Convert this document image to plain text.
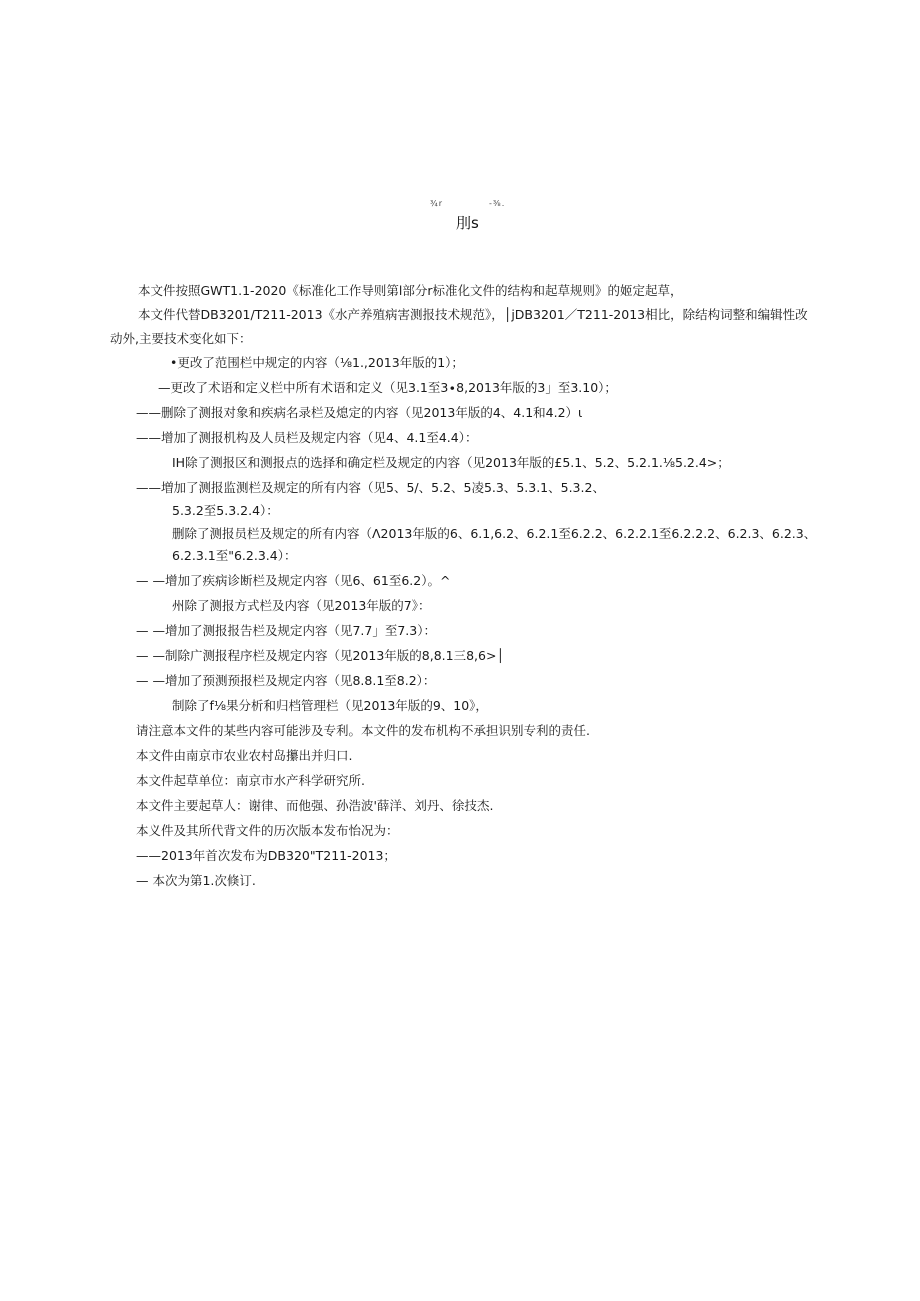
¾r	-⅜.
刖s
本文件按照GWT1.1-2020《标准化工作导则第l部分r标准化文件的结构和起草规则》的姬定起草，
本文件代替DB3201/T211-2013《水产养殖病害测报技术规范》，│jDB3201／T211-2013相比，除结构词整和编辑性改
动外,主要技术变化如下：
•更改了范围栏中规定的内容（⅛1.,2013年版的1）；
—更改了术语和定义栏中所有术语和定义（见3.1至3∙8,2013年版的3」至3.10）；
——删除了测报对象和疾病名录栏及熄定的内容（见2013年版的4、4.1和4.2）ι
——增加了测报机构及人员栏及规定内容（见4、4.1至4.4）：
IH除了测报区和测报点的选择和确定栏及规定的内容（见2013年版的£5.1、5.2、5.2.1.⅛5.2.4>；
——増加了测报监测栏及规定的所有内容（见5、5/、5.2、5凌5.3、5.3.1、5.3.2、
5.3.2至5.3.2.4）：
删除了测报员栏及规定的所有内容（Λ2013年版的6、6.1,6.2、6.2.1至6.2.2、6.2.2.1至6.2.2.2、6.2.3、6.2.3、
6.2.3.1至"6.2.3.4）：
— —增加了疾病诊断栏及规定内容（见6、61至6.2）。^
州除了测报方式栏及内容（见2013年版的7》：
— —增加了测报报告栏及规定内容（见7.7」至7.3）：
— —制除广测报程序栏及规定内容（见2013年版的8,8.1三8,6>│
— —增加了预测预报栏及规定内容（见8.8.1至8.2）：
制除了f⅛果分析和归档管理栏（见2013年版的9、10》，
请注意本文件的某些内容可能涉及专利。本文件的发布机构不承担识别专利的责任.
本文件由南京市农业农村岛攥出并归口.
本文件起草单位：南京市水产科学研究所.
本文件主要起草人：谢律、而他强、孙浩波'薛洋、刘丹、徐技杰.
本义件及其所代背文件的历次版本发布怡况为：
——2013年首次发布为DB320"T211-2013；
— 本次为第1.次倏订.
